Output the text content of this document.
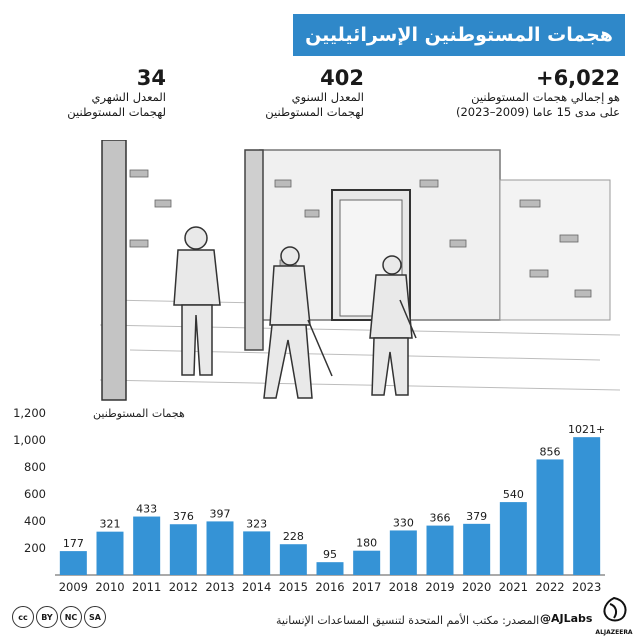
هجمات المستوطنين الإسرائيليين
+6,022
هو إجمالي هجمات المستوطنين
على مدى 15 عاما (2009–2023)
402
المعدل السنوي
لهجمات المستوطنين
34
المعدل الشهري
لهجمات المستوطنين
هجمات المستوطنين
200
400
600
800
1,000
1,200
177
321
433
376 397
323
228
95
180
330 366 379
540
856
1021+
2009 2010 2011 2012 2013 2014 2015 2016 2017 2018 2019 2020 2021 2022 2023
cc	BY	NC	SA	المصدر: مكتب الأمم المتحدة لتنسيق المساعدات الإنسانية @AJLabs
ALJAZEERA
